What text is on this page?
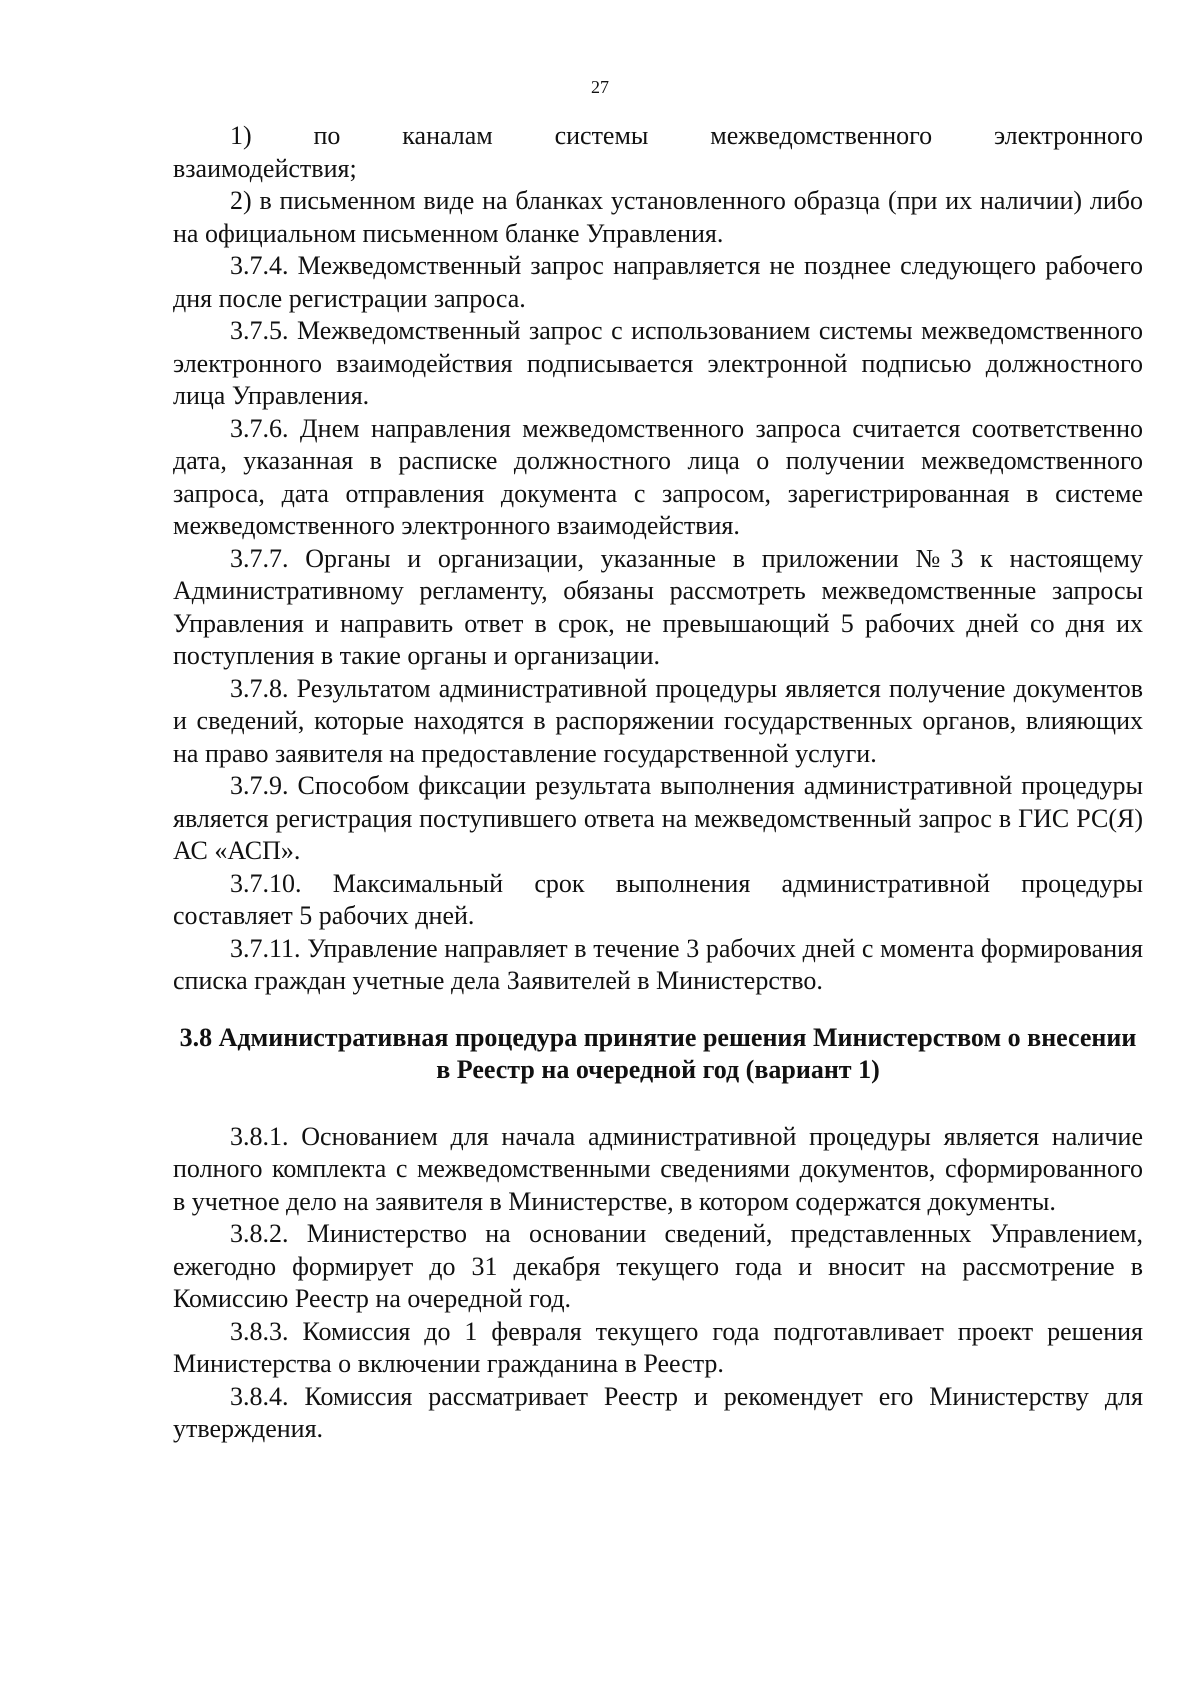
27

1) по каналам системы межведомственного электронного взаимодействия;

2) в письменном виде на бланках установленного образца (при их наличии) либо на официальном письменном бланке Управления.

3.7.4. Межведомственный запрос направляется не позднее следующего рабочего дня после регистрации запроса.

3.7.5. Межведомственный запрос с использованием системы межведомственного электронного взаимодействия подписывается электронной подписью должностного лица Управления.

3.7.6. Днем направления межведомственного запроса считается соответственно дата, указанная в расписке должностного лица о получении межведомственного запроса, дата отправления документа с запросом, зарегистрированная в системе межведомственного электронного взаимодействия.

3.7.7. Органы и организации, указанные в приложении №3 к настоящему Административному регламенту, обязаны рассмотреть межведомственные запросы Управления и направить ответ в срок, не превышающий 5 рабочих дней со дня их поступления в такие органы и организации.

3.7.8. Результатом административной процедуры является получение документов и сведений, которые находятся в распоряжении государственных органов, влияющих на право заявителя на предоставление государственной услуги.

3.7.9. Способом фиксации результата выполнения административной процедуры является регистрация поступившего ответа на межведомственный запрос в ГИС РС(Я) АС «АСП».

3.7.10. Максимальный срок выполнения административной процедуры составляет 5 рабочих дней.

3.7.11. Управление направляет в течение 3 рабочих дней с момента формирования списка граждан учетные дела Заявителей в Министерство.

3.8 Административная процедура принятие решения Министерством о внесении в Реестр на очередной год (вариант 1)

3.8.1. Основанием для начала административной процедуры является наличие полного комплекта с межведомственными сведениями документов, сформированного в учетное дело на заявителя в Министерстве, в котором содержатся документы.

3.8.2. Министерство на основании сведений, представленных Управлением, ежегодно формирует до 31 декабря текущего года и вносит на рассмотрение в Комиссию Реестр на очередной год.

3.8.3. Комиссия до 1 февраля текущего года подготавливает проект решения Министерства о включении гражданина в Реестр.

3.8.4. Комиссия рассматривает Реестр и рекомендует его Министерству для утверждения.
